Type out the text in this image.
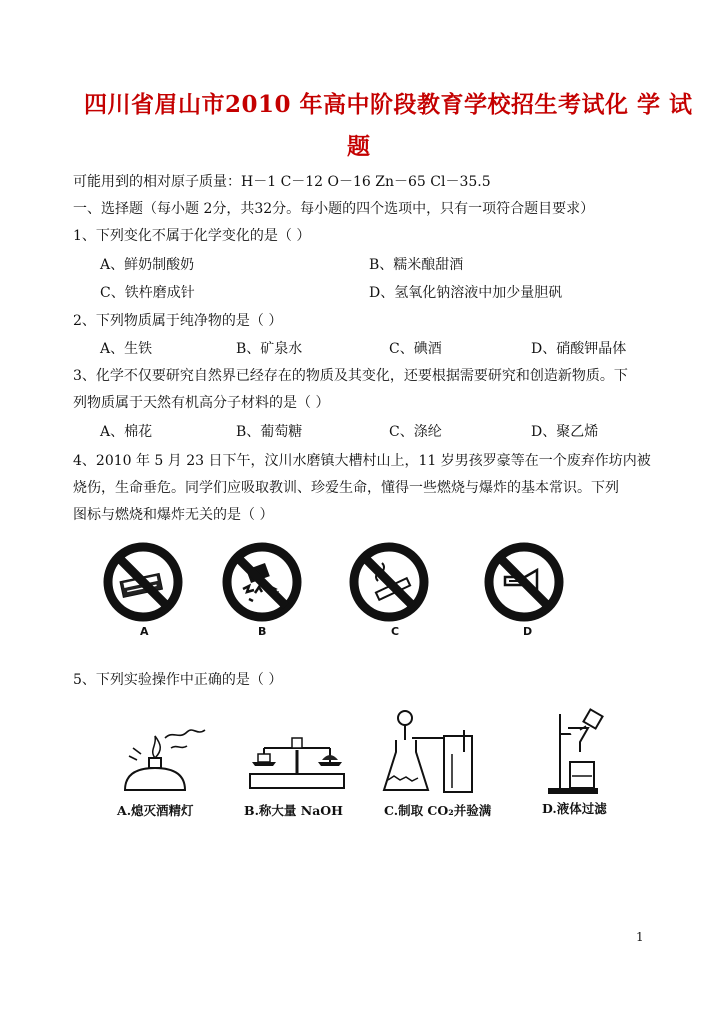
四川省眉山市2010 年高中阶段教育学校招生考试化 学 试
题
可能用到的相对原子质量：H－1 C－12 O－16 Zn－65 Cl－35.5
一、选择题（每小题 2分，共32分。每小题的四个选项中，只有一项符合题目要求）
1、下列变化不属于化学变化的是（ ）
A、鲜奶制酸奶	B、糯米酿甜酒
C、铁杵磨成针	D、氢氧化钠溶液中加少量胆矾
2、下列物质属于纯净物的是（ ）
A、生铁	B、矿泉水	C、碘酒	D、硝酸钾晶体
3、化学不仅要研究自然界已经存在的物质及其变化，还要根据需要研究和创造新物质。下
列物质属于天然有机高分子材料的是（ ）
A、棉花	B、葡萄糖	C、涤纶	D、聚乙烯
4、2010 年 5 月 23 日下午，汶川水磨镇大槽村山上，11 岁男孩罗豪等在一个废弃作坊内被
烧伤，生命垂危。同学们应吸取教训、珍爱生命，懂得一些燃烧与爆炸的基本常识。下列
图标与燃烧和爆炸无关的是（ ）
A	B	C	D
5、下列实验操作中正确的是（ ）
A.熄灭酒精灯	B.称大量 NaOH	C.制取 CO₂并验满	D.液体过滤
1
